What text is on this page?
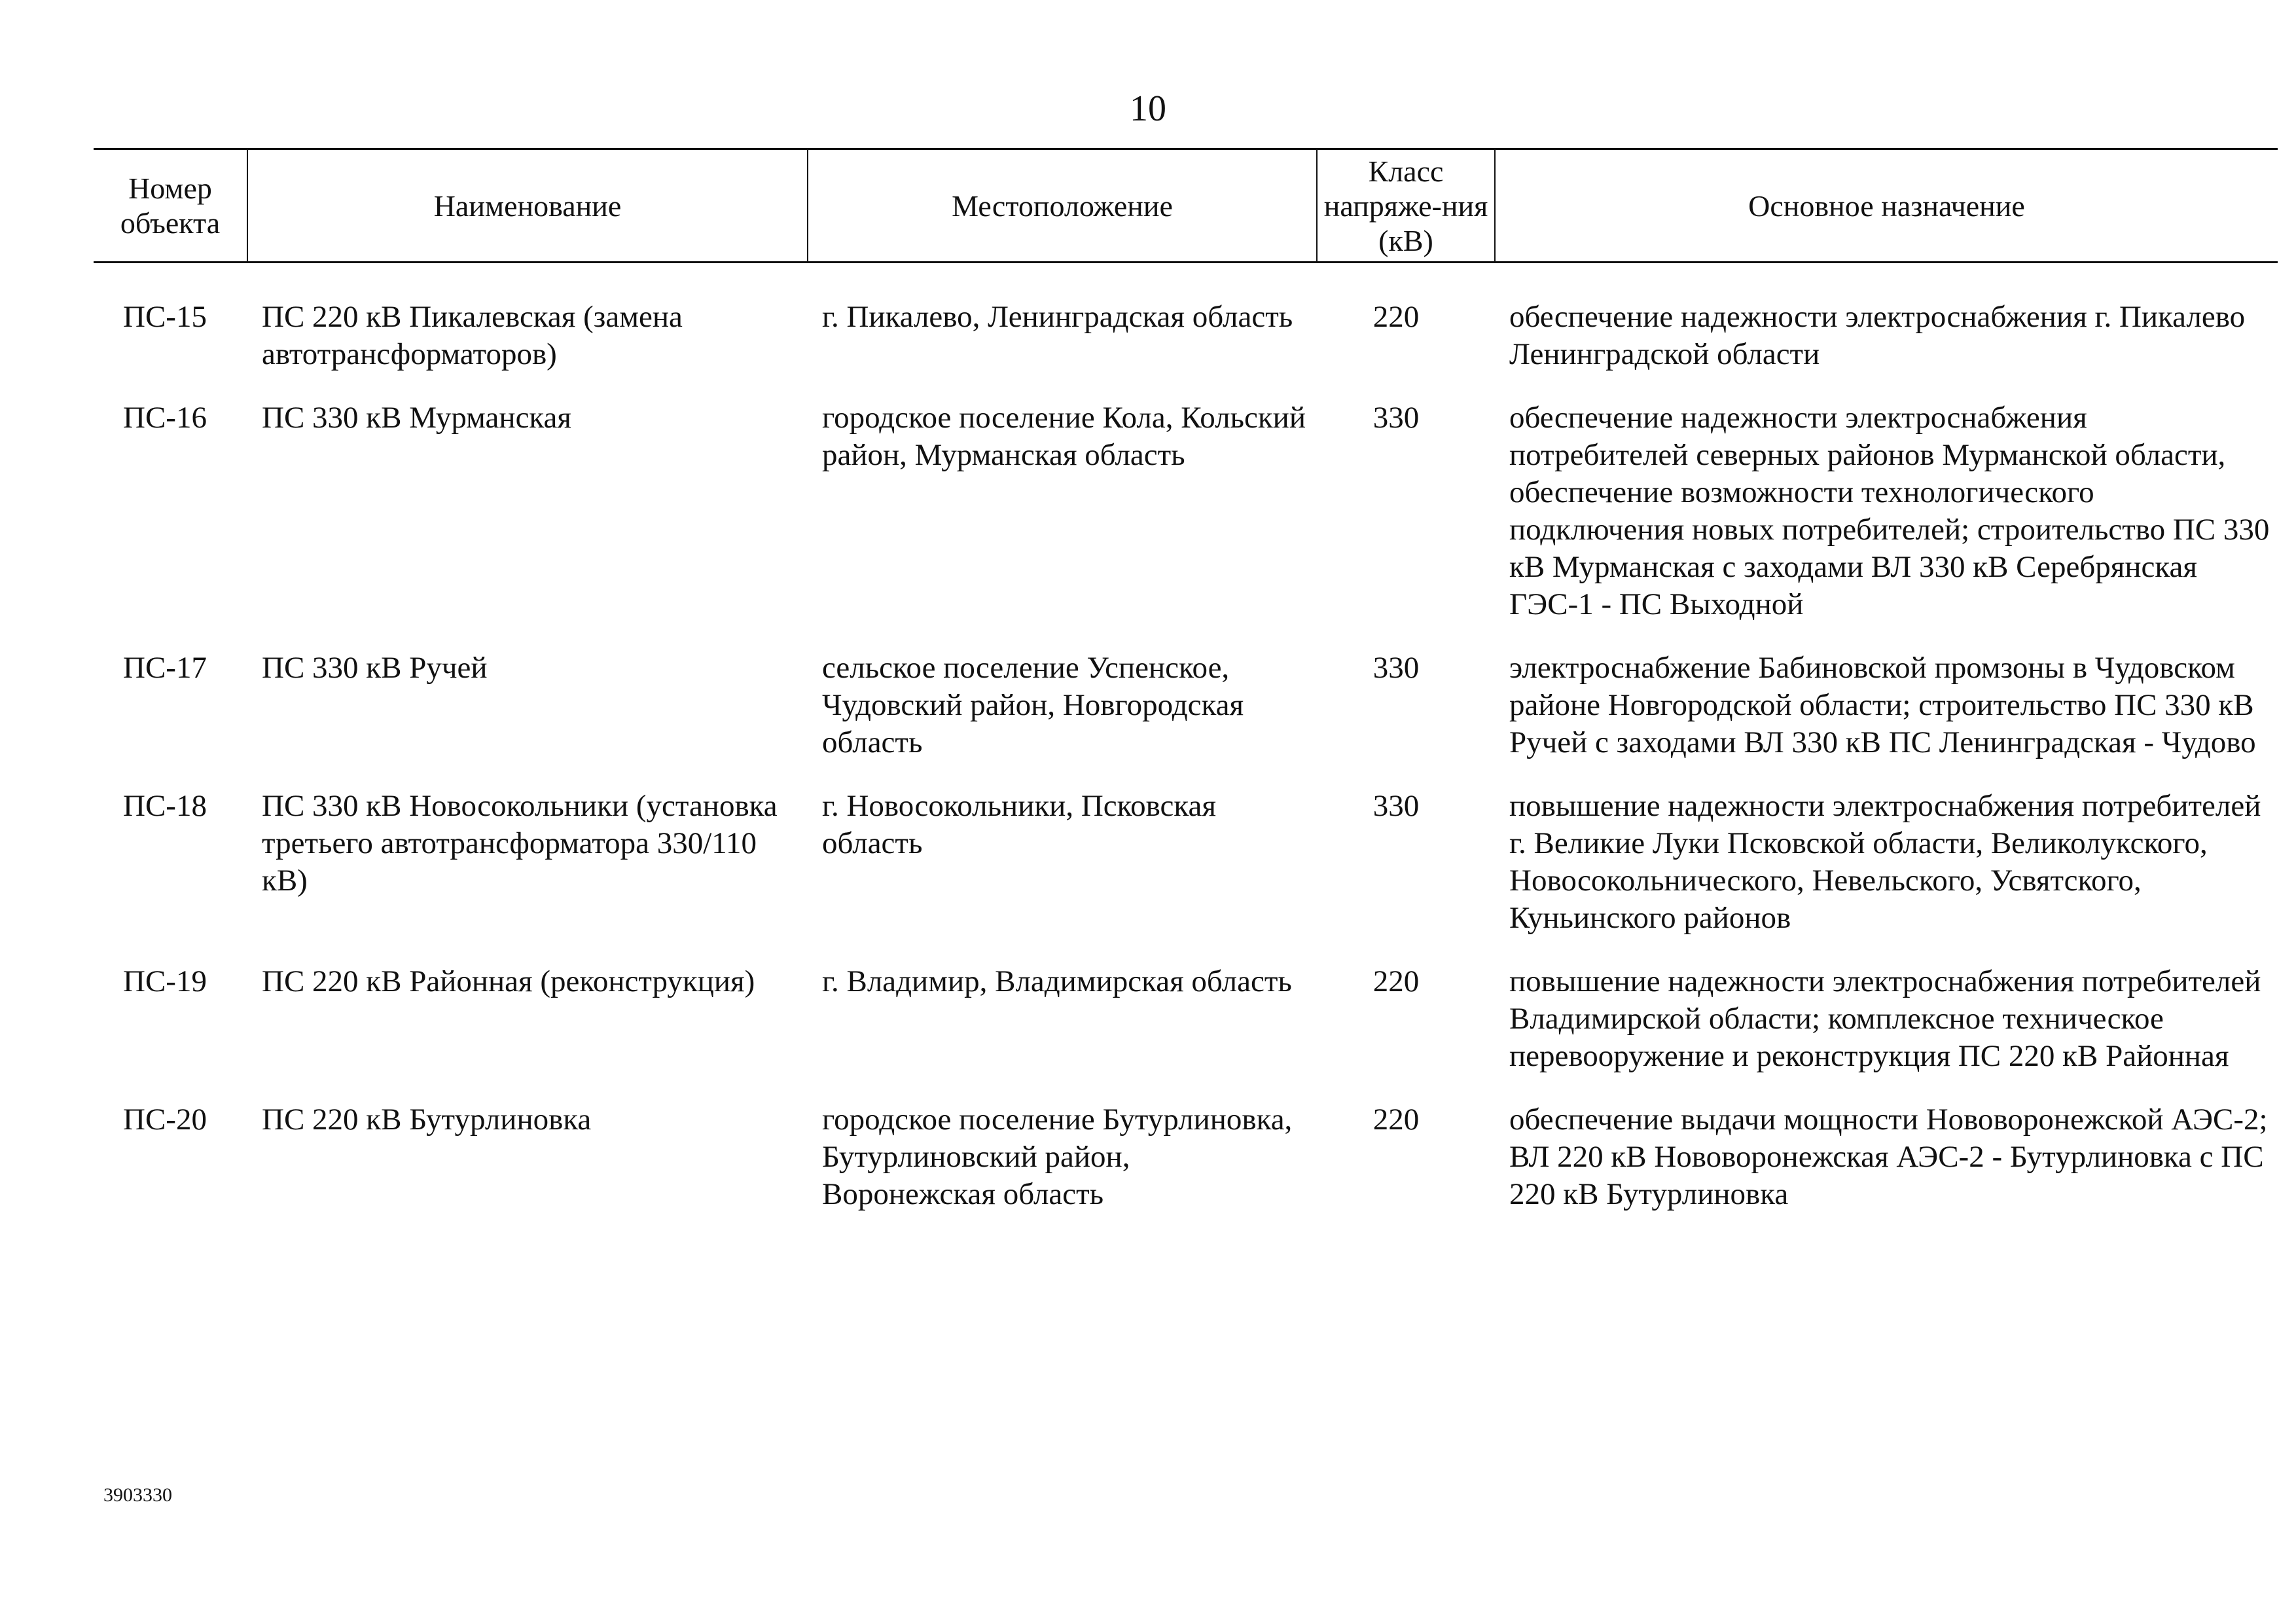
10
Номер объекта	Наименование	Местоположение	Класс напряже-ния (кВ)	Основное назначение
ПС-15	ПС 220 кВ Пикалевская (замена автотрансформаторов)	г. Пикалево, Ленинградская область	220	обеспечение надежности электроснабжения г. Пикалево Ленинградской области
ПС-16	ПС 330 кВ Мурманская	городское поселение Кола, Кольский район, Мурманская область	330	обеспечение надежности электроснабжения потребителей северных районов Мурманской области, обеспечение возможности технологического подключения новых потребителей; строительство ПС 330 кВ Мурманская с заходами ВЛ 330 кВ Серебрянская ГЭС-1 - ПС Выходной
ПС-17	ПС 330 кВ Ручей	сельское поселение Успенское, Чудовский район, Новгородская область	330	электроснабжение Бабиновской промзоны в Чудовском районе Новгородской области; строительство ПС 330 кВ Ручей с заходами ВЛ 330 кВ ПС Ленинградская - Чудово
ПС-18	ПС 330 кВ Новосокольники (установка третьего автотрансформатора 330/110 кВ)	г. Новосокольники, Псковская область	330	повышение надежности электроснабжения потребителей г. Великие Луки Псковской области, Великолукского, Новосокольнического, Невельского, Усвятского, Куньинского районов
ПС-19	ПС 220 кВ Районная (реконструкция)	г. Владимир, Владимирская область	220	повышение надежности электроснабжения потребителей Владимирской области; комплексное техническое перевооружение и реконструкция ПС 220 кВ Районная
ПС-20	ПС 220 кВ Бутурлиновка	городское поселение Бутурлиновка, Бутурлиновский район, Воронежская область	220	обеспечение выдачи мощности Нововоронежской АЭС-2; ВЛ 220 кВ Нововоронежская АЭС-2 - Бутурлиновка с ПС 220 кВ Бутурлиновка
3903330
